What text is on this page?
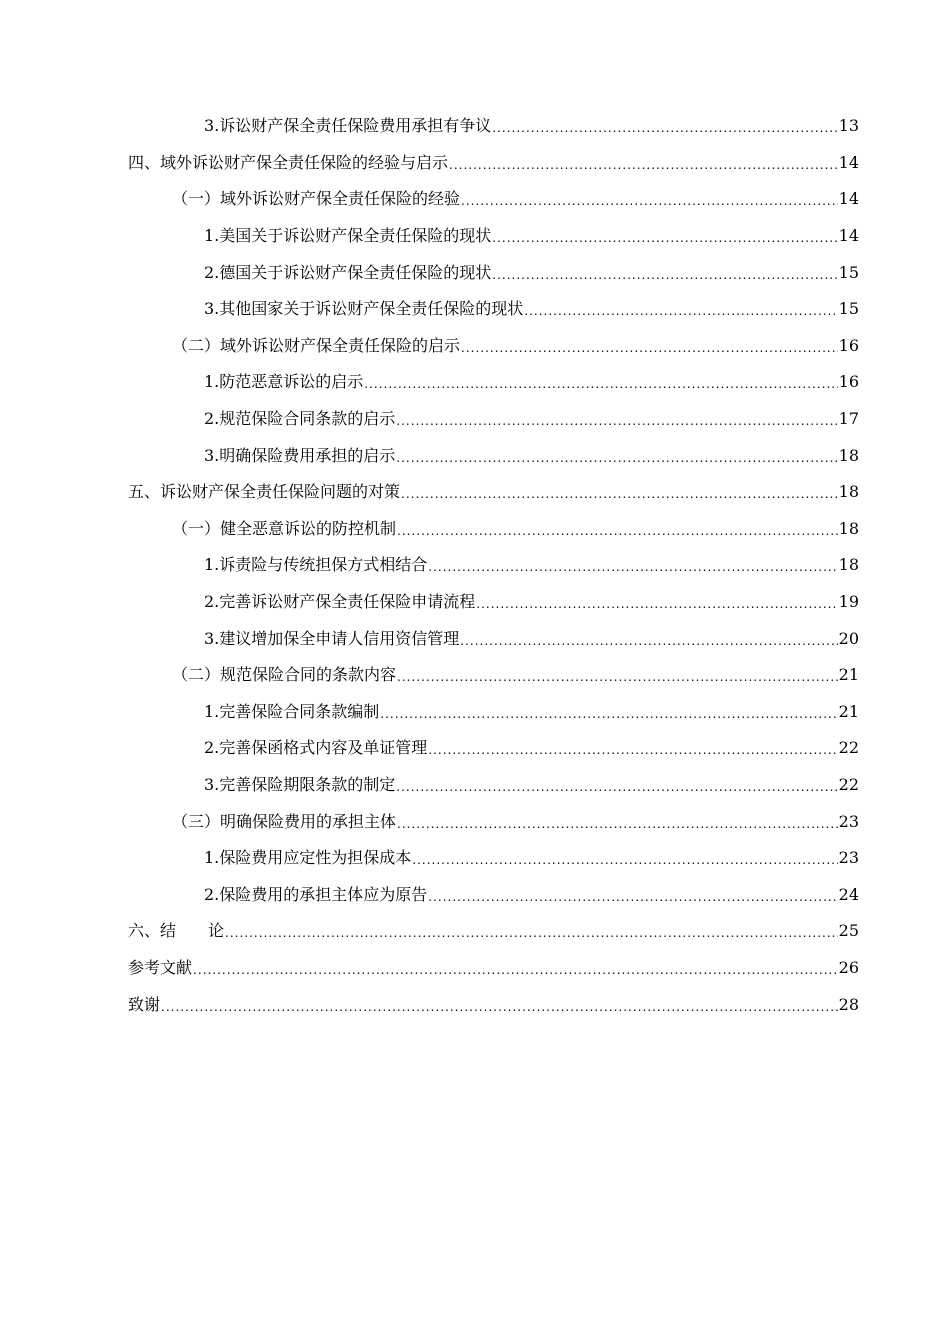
3. 诉讼财产保全责任保险费用承担有争议 .....	13
四、 域外诉讼财产保全责任保险的经验与启示 .....	14
（一） 域外诉讼财产保全责任保险的经验 .....	14
1. 美国关于诉讼财产保全责任保险的现状 .....	14
2. 德国关于诉讼财产保全责任保险的现状 .....	15
3. 其他国家关于诉讼财产保全责任保险的现状 .....	15
（二） 域外诉讼财产保全责任保险的启示 .....	16
1. 防范恶意诉讼的启示 .....	16
2. 规范保险合同条款的启示 .....	17
3. 明确保险费用承担的启示 .....	18
五、 诉讼财产保全责任保险问题的对策 .....	18
（一） 健全恶意诉讼的防控机制 .....	18
1. 诉责险与传统担保方式相结合 .....	18
2. 完善诉讼财产保全责任保险申请流程 .....	19
3. 建议增加保全申请人信用资信管理 .....	20
（二） 规范保险合同的条款内容 .....	21
1. 完善保险合同条款编制 .....	21
2. 完善保函格式内容及单证管理 .....	22
3. 完善保险期限条款的制定 .....	22
（三） 明确保险费用的承担主体 .....	23
1. 保险费用应定性为担保成本 .....	23
2. 保险费用的承担主体应为原告 .....	24
六、 结　　论 .....	25
参考文献 .....	26
致谢 .....	28
